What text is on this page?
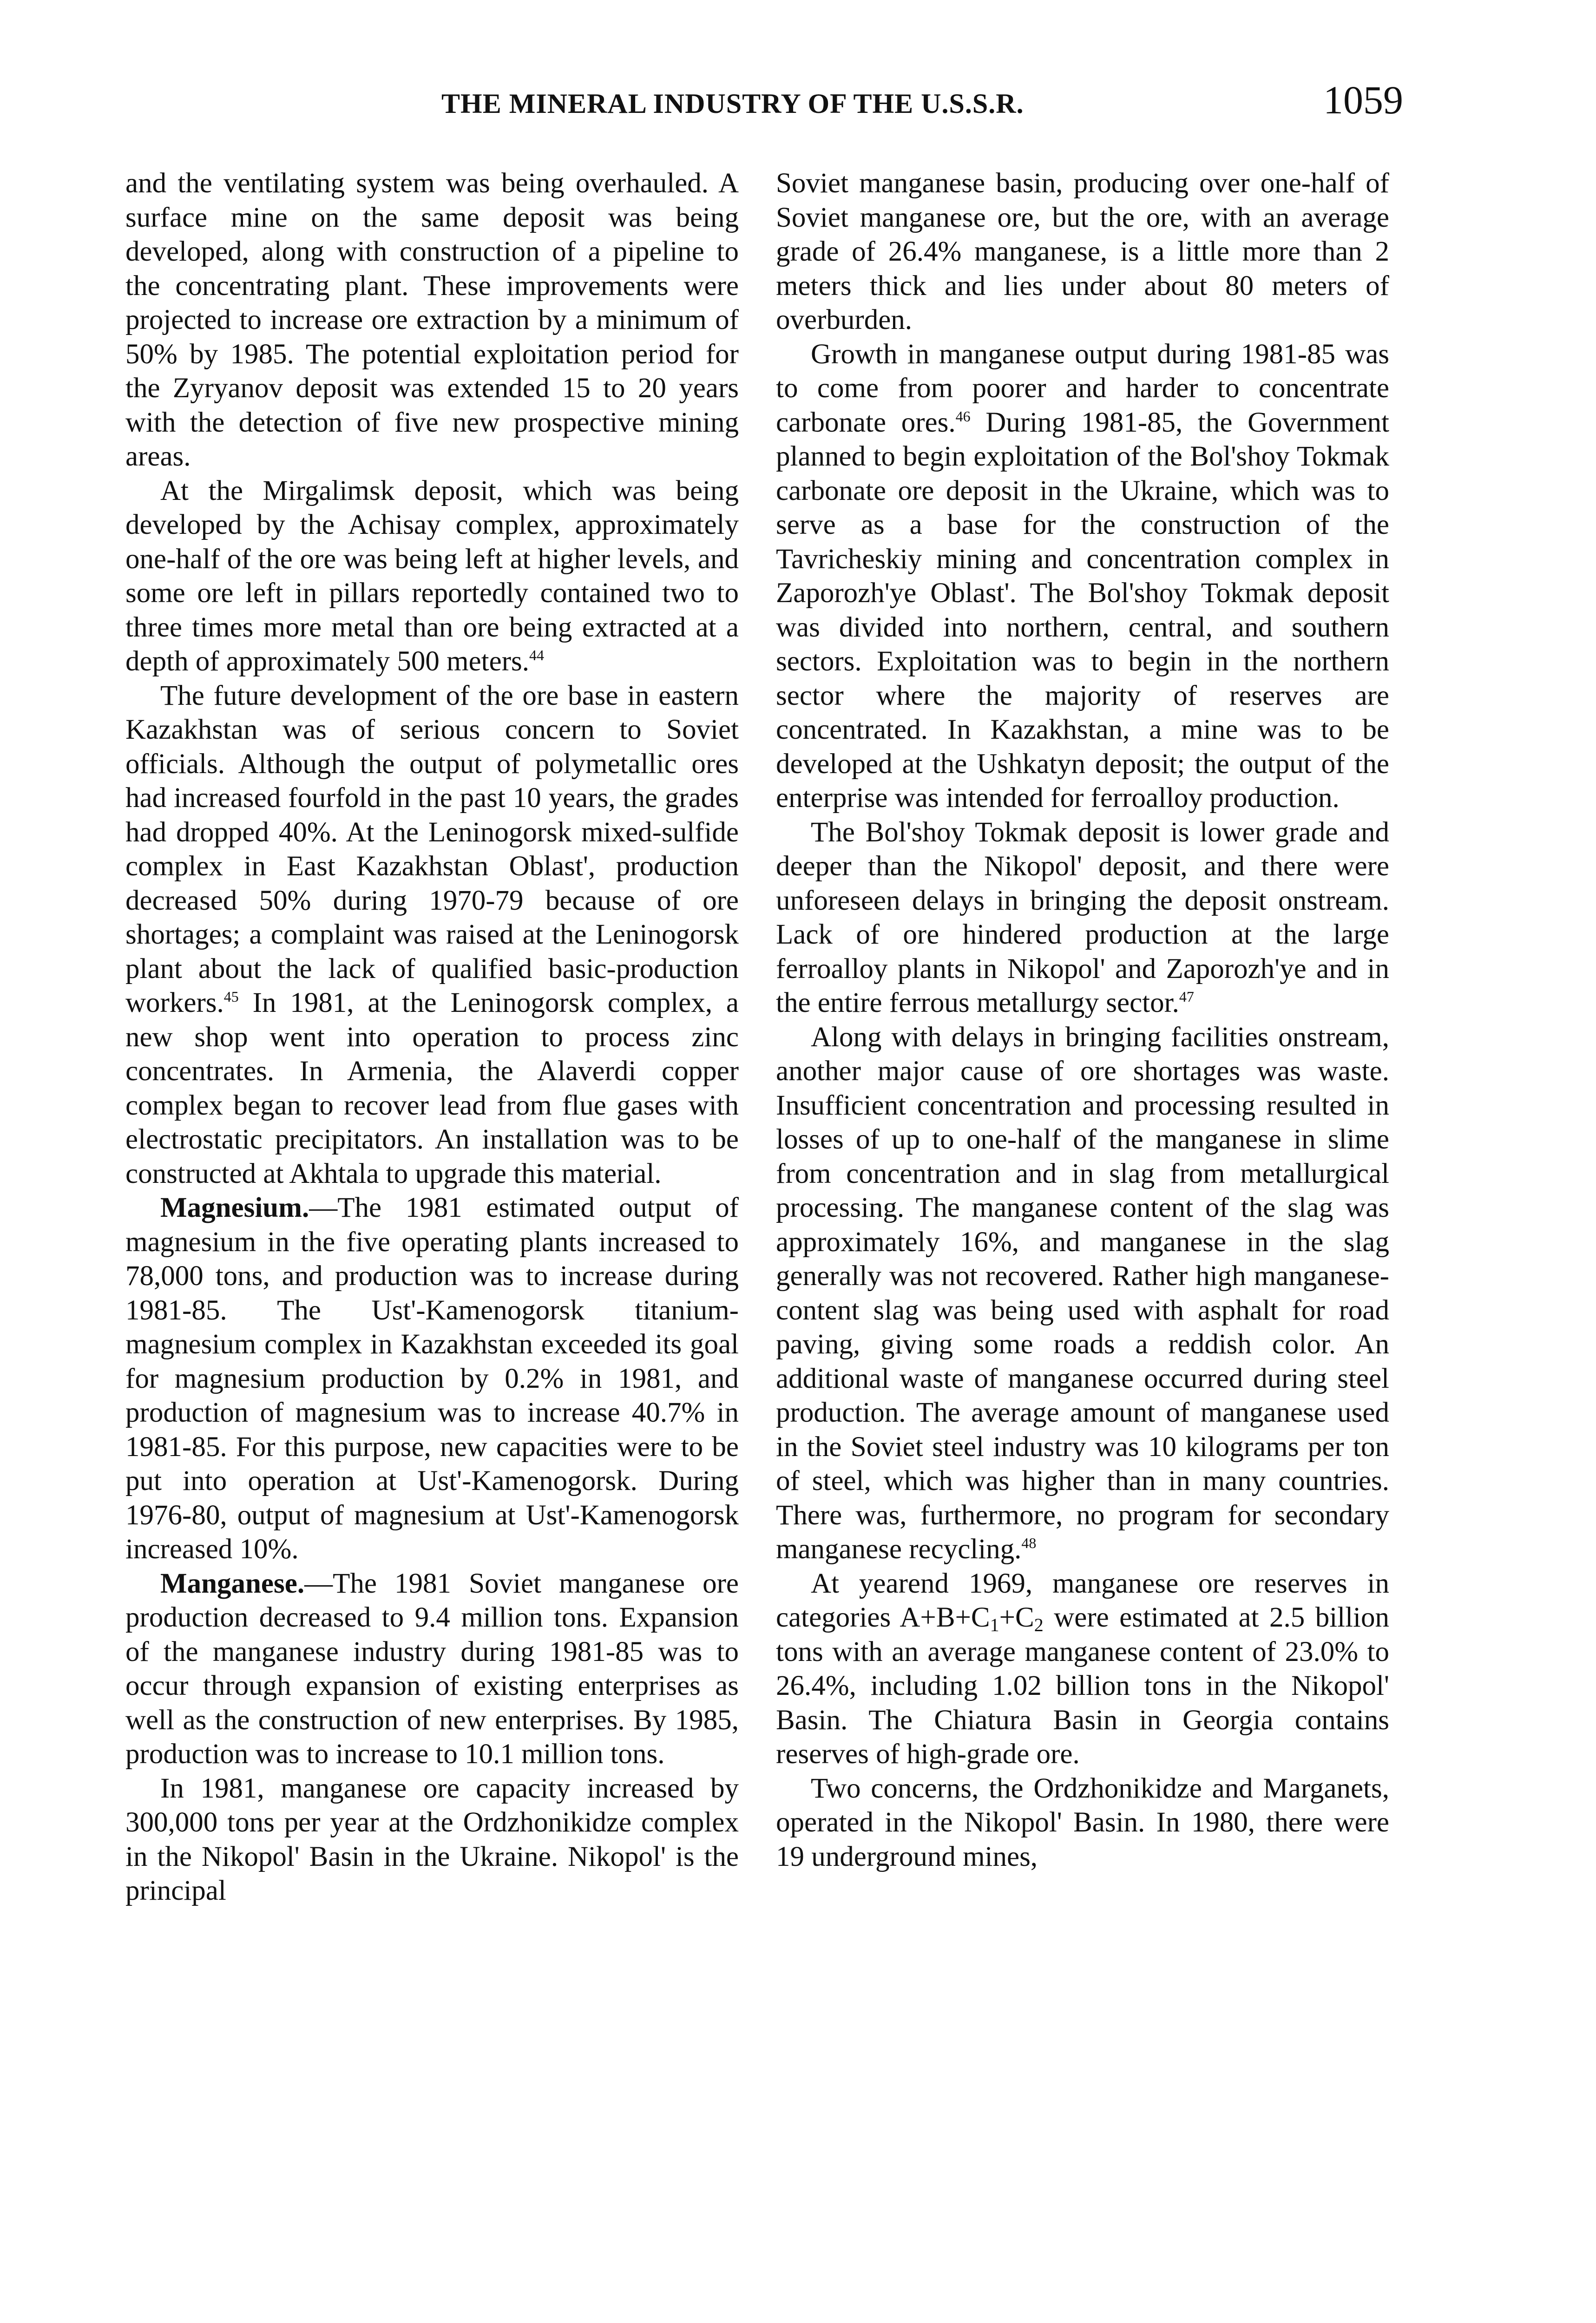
THE MINERAL INDUSTRY OF THE U.S.S.R.	1059

and the ventilating system was being overhauled. A surface mine on the same deposit was being developed, along with construction of a pipeline to the concentrating plant. These improvements were projected to increase ore extraction by a minimum of 50% by 1985. The potential exploitation period for the Zyryanov deposit was extended 15 to 20 years with the detection of five new prospective mining areas.

At the Mirgalimsk deposit, which was being developed by the Achisay complex, approximately one-half of the ore was being left at higher levels, and some ore left in pillars reportedly contained two to three times more metal than ore being extracted at a depth of approximately 500 meters.$^{44}$

The future development of the ore base in eastern Kazakhstan was of serious concern to Soviet officials. Although the output of polymetallic ores had increased fourfold in the past 10 years, the grades had dropped 40%. At the Leninogorsk mixed-sulfide complex in East Kazakhstan Oblast', production decreased 50% during 1970-79 because of ore shortages; a complaint was raised at the Leninogorsk plant about the lack of qualified basic-production workers.$^{45}$ In 1981, at the Leninogorsk complex, a new shop went into operation to process zinc concentrates. In Armenia, the Alaverdi copper complex began to recover lead from flue gases with electrostatic precipitators. An installation was to be constructed at Akhtala to upgrade this material.

Magnesium.—The 1981 estimated output of magnesium in the five operating plants increased to 78,000 tons, and production was to increase during 1981-85. The Ust'-Kamenogorsk titanium-magnesium complex in Kazakhstan exceeded its goal for magnesium production by 0.2% in 1981, and production of magnesium was to increase 40.7% in 1981-85. For this purpose, new capacities were to be put into operation at Ust'-Kamenogorsk. During 1976-80, output of magnesium at Ust'-Kamenogorsk increased 10%.

Manganese.—The 1981 Soviet manganese ore production decreased to 9.4 million tons. Expansion of the manganese industry during 1981-85 was to occur through expansion of existing enterprises as well as the construction of new enterprises. By 1985, production was to increase to 10.1 million tons.

In 1981, manganese ore capacity increased by 300,000 tons per year at the Ordzhonikidze complex in the Nikopol' Basin in the Ukraine. Nikopol' is the principal

Soviet manganese basin, producing over one-half of Soviet manganese ore, but the ore, with an average grade of 26.4% manganese, is a little more than 2 meters thick and lies under about 80 meters of overburden.

Growth in manganese output during 1981-85 was to come from poorer and harder to concentrate carbonate ores.$^{46}$ During 1981-85, the Government planned to begin exploitation of the Bol'shoy Tokmak carbonate ore deposit in the Ukraine, which was to serve as a base for the construction of the Tavricheskiy mining and concentration complex in Zaporozh'ye Oblast'. The Bol'shoy Tokmak deposit was divided into northern, central, and southern sectors. Exploitation was to begin in the northern sector where the majority of reserves are concentrated. In Kazakhstan, a mine was to be developed at the Ushkatyn deposit; the output of the enterprise was intended for ferroalloy production.

The Bol'shoy Tokmak deposit is lower grade and deeper than the Nikopol' deposit, and there were unforeseen delays in bringing the deposit onstream. Lack of ore hindered production at the large ferroalloy plants in Nikopol' and Zaporozh'ye and in the entire ferrous metallurgy sector.$^{47}$

Along with delays in bringing facilities onstream, another major cause of ore shortages was waste. Insufficient concentration and processing resulted in losses of up to one-half of the manganese in slime from concentration and in slag from metallurgical processing. The manganese content of the slag was approximately 16%, and manganese in the slag generally was not recovered. Rather high manganese-content slag was being used with asphalt for road paving, giving some roads a reddish color. An additional waste of manganese occurred during steel production. The average amount of manganese used in the Soviet steel industry was 10 kilograms per ton of steel, which was higher than in many countries. There was, furthermore, no program for secondary manganese recycling.$^{48}$

At yearend 1969, manganese ore reserves in categories $A+B+C_1+C_2$ were estimated at 2.5 billion tons with an average manganese content of 23.0% to 26.4%, including 1.02 billion tons in the Nikopol' Basin. The Chiatura Basin in Georgia contains reserves of high-grade ore.

Two concerns, the Ordzhonikidze and Marganets, operated in the Nikopol' Basin. In 1980, there were 19 underground mines,
